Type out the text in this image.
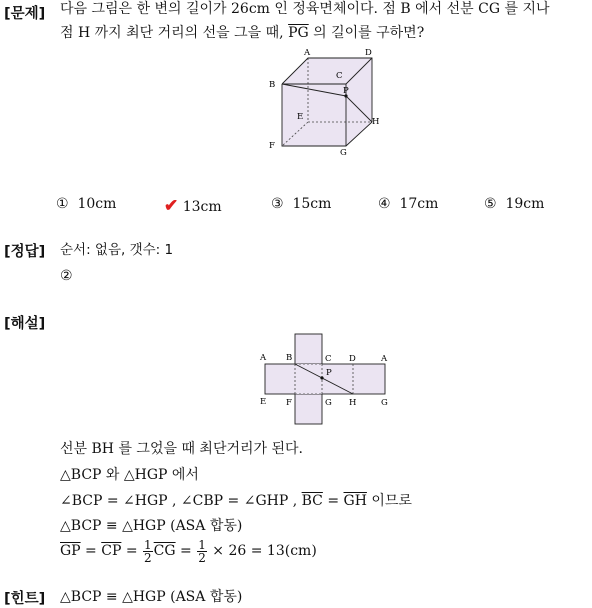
[문제]
[정답]
[해설]
[힌트]
다음 그림은 한 변의 길이가 26cm 인 정육면체이다. 점 B 에서 선분 CG 를 지나
점 H 까지 최단 거리의 선을 그을 때, $\overline{PG}$ 의 길이를 구하면?
A	D
C
B
P
E	H
F
G
① 10cm	✔ 13cm	③ 15cm	④ 17cm	⑤ 19cm
순서: 없음, 갯수: 1
②
A B	C D	A
P
E F	G H	G
선분 BH 를 그었을 때 최단거리가 된다.
△BCP 와 △HGP 에서
∠BCP = ∠HGP , ∠CBP = ∠GHP , $\overline{BC} = \overline{GH}$ 이므로
△BCP ≡ △HGP (ASA 합동)
$\overline{GP} = \overline{CP} = \frac{1}{2} \overline{CG} = \frac{1}{2} \times 26 = 13(cm)$
△BCP ≡ △HGP (ASA 합동)
